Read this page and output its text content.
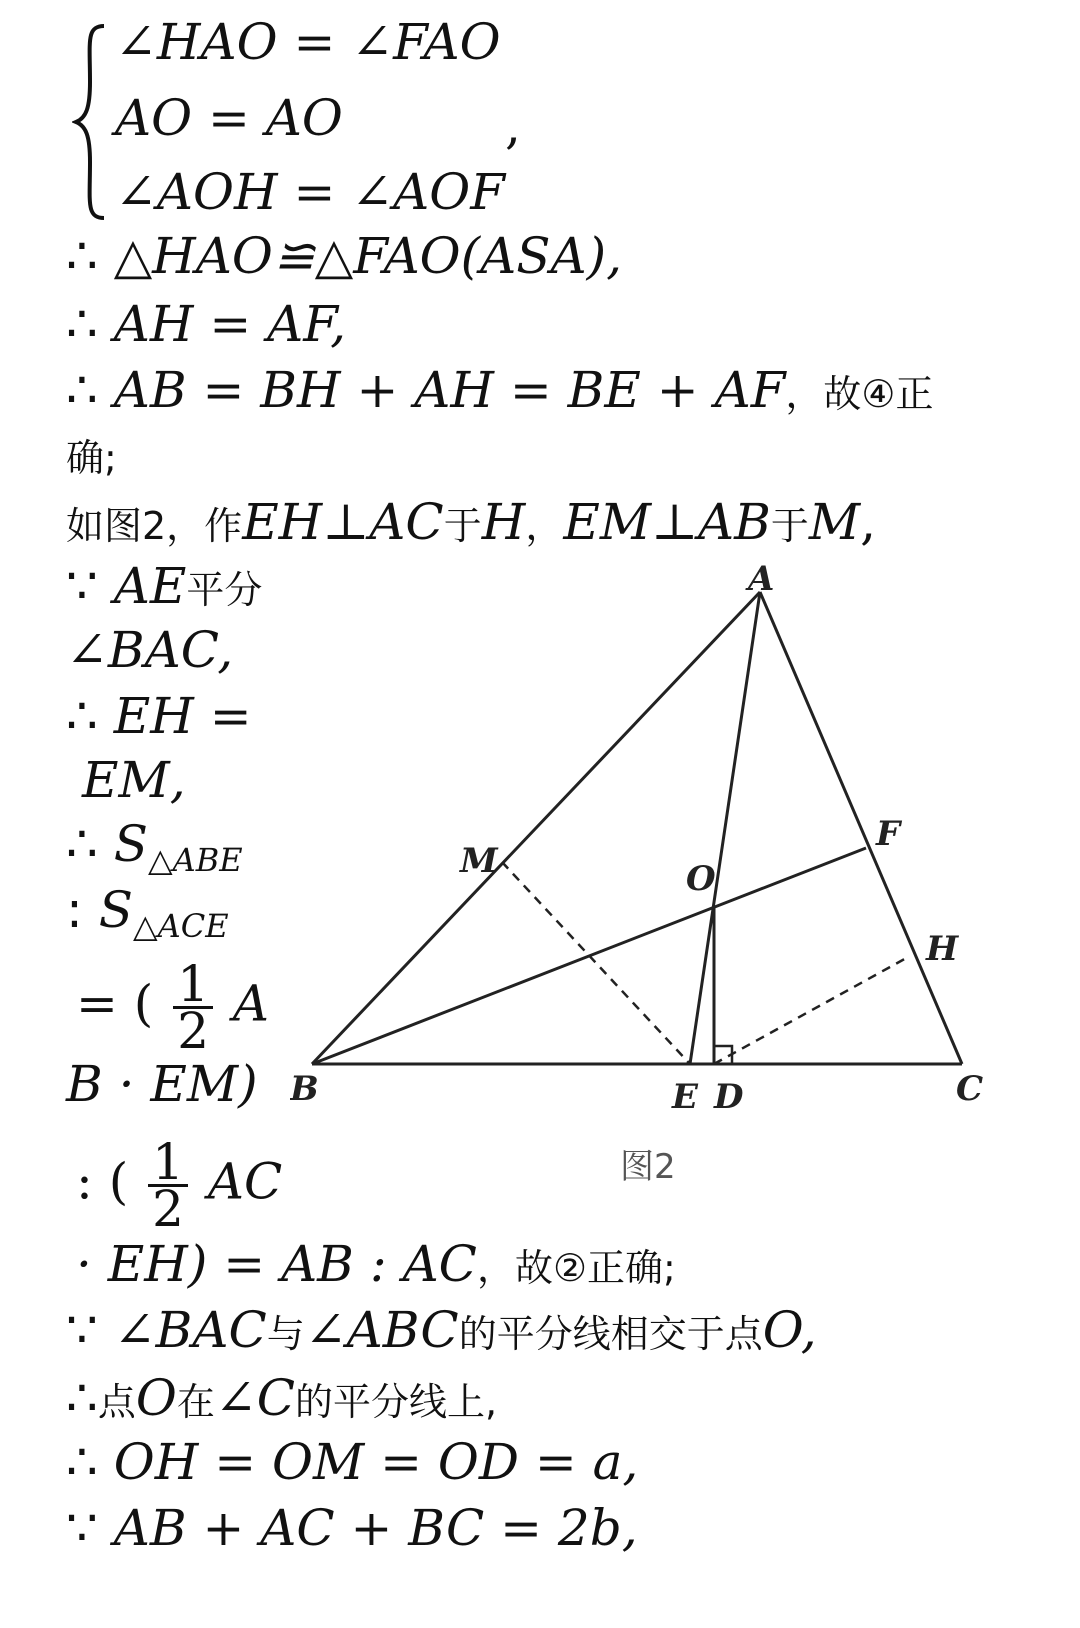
∠HAO = ∠FAO
AO = AO	,
∠AOH = ∠AOF
∴ △HAO≌△FAO(ASA),
∴ AH = AF,
∴ AB = BH + AH = BE + AF，故④正
确;
如图2，作EH⊥AC于H，EM⊥AB于M,
∵ AE平分
∠BAC,
∴ EH =
EM,
∴ $S_{\triangle ABE}$
: $S_{\triangle ACE}$
= ( $\frac{1}{2}$ A
B · EM)
: ( $\frac{1}{2}$ AC
· EH) = AB : AC，故②正确;
∵ ∠BAC与∠ABC的平分线相交于点O,
∴点O在∠C的平分线上,
∴ OH = OM = OD = a,
∵ AB + AC + BC = 2b,
A
B	C
D
E
F
H
M	O
图2
